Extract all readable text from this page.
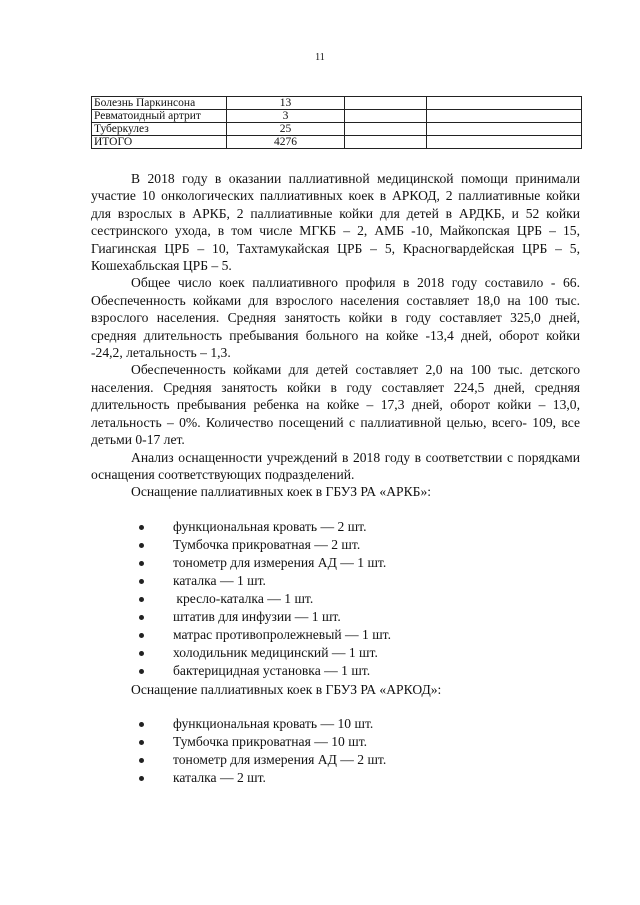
11
Болезнь Паркинсона	13		
Ревматоидный артрит	3		
Туберкулез	25		
ИТОГО	4276		

В 2018 году в оказании паллиативной медицинской помощи принимали участие 10 онкологических паллиативных коек в АРКОД, 2 паллиативные койки для взрослых в АРКБ, 2 паллиативные койки для детей в АРДКБ, и 52 койки сестринского ухода, в том числе МГКБ – 2, АМБ -10, Майкопская ЦРБ – 15, Гиагинская ЦРБ – 10, Тахтамукайская ЦРБ – 5, Красногвардейская ЦРБ – 5, Кошехабльская ЦРБ – 5.

Общее число коек паллиативного профиля в 2018 году составило - 66. Обеспеченность койками для взрослого населения составляет 18,0 на 100 тыс. взрослого населения. Средняя занятость койки в году составляет 325,0 дней, средняя длительность пребывания больного на койке -13,4 дней, оборот койки -24,2, летальность – 1,3.

Обеспеченность койками для детей составляет 2,0 на 100 тыс. детского населения. Средняя занятость койки в году составляет 224,5 дней, средняя длительность пребывания ребенка на койке – 17,3 дней, оборот койки – 13,0, летальность – 0%. Количество посещений с паллиативной целью, всего- 109, все детьми 0-17 лет.

Анализ оснащенности учреждений в 2018 году в соответствии с порядками оснащения соответствующих подразделений.

Оснащение паллиативных коек в ГБУЗ РА «АРКБ»:

функциональная кровать — 2 шт.
Тумбочка прикроватная — 2 шт.
тонометр для измерения АД — 1 шт.
каталка — 1 шт.
кресло-каталка — 1 шт.
штатив для инфузии — 1 шт.
матрас противопролежневый — 1 шт.
холодильник медицинский — 1 шт.
бактерицидная установка — 1 шт.

Оснащение паллиативных коек в ГБУЗ РА «АРКОД»:

функциональная кровать — 10 шт.
Тумбочка прикроватная — 10 шт.
тонометр для измерения АД — 2 шт.
каталка — 2 шт.
